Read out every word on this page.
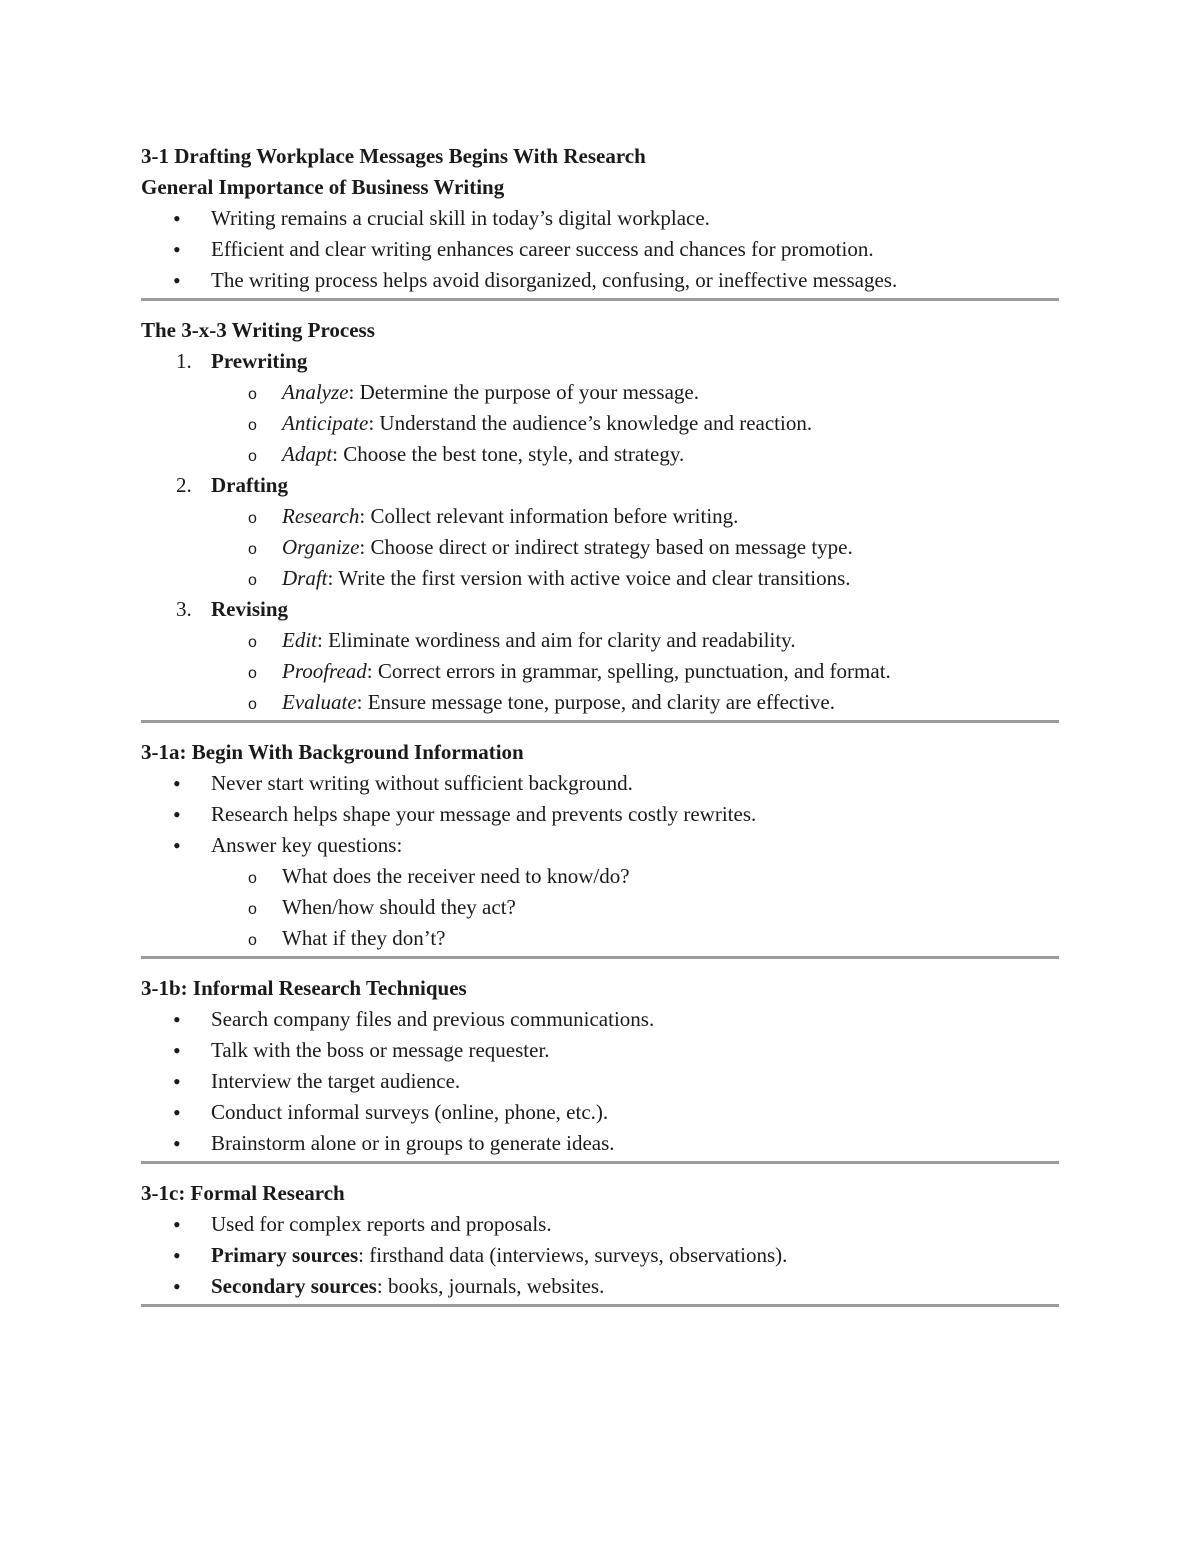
3-1 Drafting Workplace Messages Begins With Research
General Importance of Business Writing
• Writing remains a crucial skill in today’s digital workplace.
• Efficient and clear writing enhances career success and chances for promotion.
• The writing process helps avoid disorganized, confusing, or ineffective messages.
The 3-x-3 Writing Process
1. Prewriting
o Analyze: Determine the purpose of your message.
o Anticipate: Understand the audience’s knowledge and reaction.
o Adapt: Choose the best tone, style, and strategy.
2. Drafting
o Research: Collect relevant information before writing.
o Organize: Choose direct or indirect strategy based on message type.
o Draft: Write the first version with active voice and clear transitions.
3. Revising
o Edit: Eliminate wordiness and aim for clarity and readability.
o Proofread: Correct errors in grammar, spelling, punctuation, and format.
o Evaluate: Ensure message tone, purpose, and clarity are effective.
3-1a: Begin With Background Information
• Never start writing without sufficient background.
• Research helps shape your message and prevents costly rewrites.
• Answer key questions:
o What does the receiver need to know/do?
o When/how should they act?
o What if they don’t?
3-1b: Informal Research Techniques
• Search company files and previous communications.
• Talk with the boss or message requester.
• Interview the target audience.
• Conduct informal surveys (online, phone, etc.).
• Brainstorm alone or in groups to generate ideas.
3-1c: Formal Research
• Used for complex reports and proposals.
• Primary sources: firsthand data (interviews, surveys, observations).
• Secondary sources: books, journals, websites.
